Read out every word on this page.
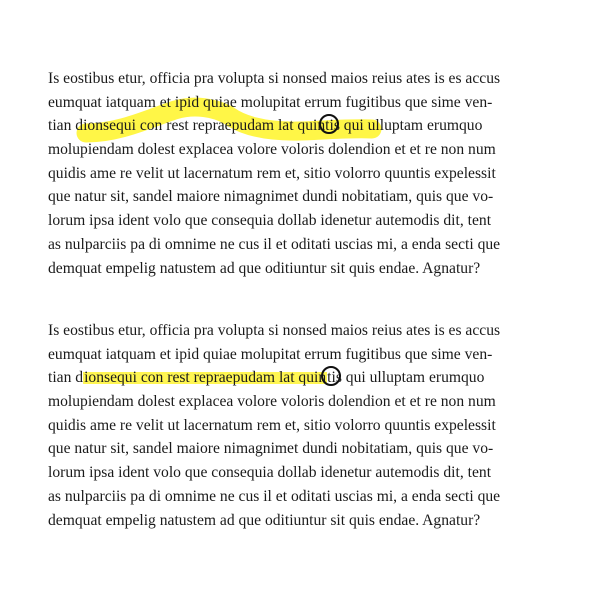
Is eostibus etur, officia pra volupta si nonsed maios reius ates is es accus
eumquat iatquam et ipid quiae molupitat errum fugitibus que sime ven-
tian dionsequi con rest repraepudam lat quin
tis qui ulluptam erumquo
molupiendam dolest explacea volore voloris dolendion et et re non num
quidis ame re velit ut lacernatum rem et, sitio volorro quuntis expelessit
que natur sit, sandel maiore nimagnimet dundi nobitatiam, quis que vo-
lorum ipsa ident volo que consequia dollab idenetur autemodis dit, tent
as nulparciis pa di omnime ne cus il et oditati uscias mi, a enda secti que
demquat empelig natustem ad que oditiuntur sit quis endae. Agnatur?
Is eostibus etur, officia pra volupta si nonsed maios reius ates is es accus
eumquat iatquam et ipid quiae molupitat errum fugitibus que sime ven-
tian dionsequi con rest repraepudam lat quin
tis qui ulluptam erumquo
molupiendam dolest explacea volore voloris dolendion et et re non num
quidis ame re velit ut lacernatum rem et, sitio volorro quuntis expelessit
que natur sit, sandel maiore nimagnimet dundi nobitatiam, quis que vo-
lorum ipsa ident volo que consequia dollab idenetur autemodis dit, tent
as nulparciis pa di omnime ne cus il et oditati uscias mi, a enda secti que
demquat empelig natustem ad que oditiuntur sit quis endae. Agnatur?
